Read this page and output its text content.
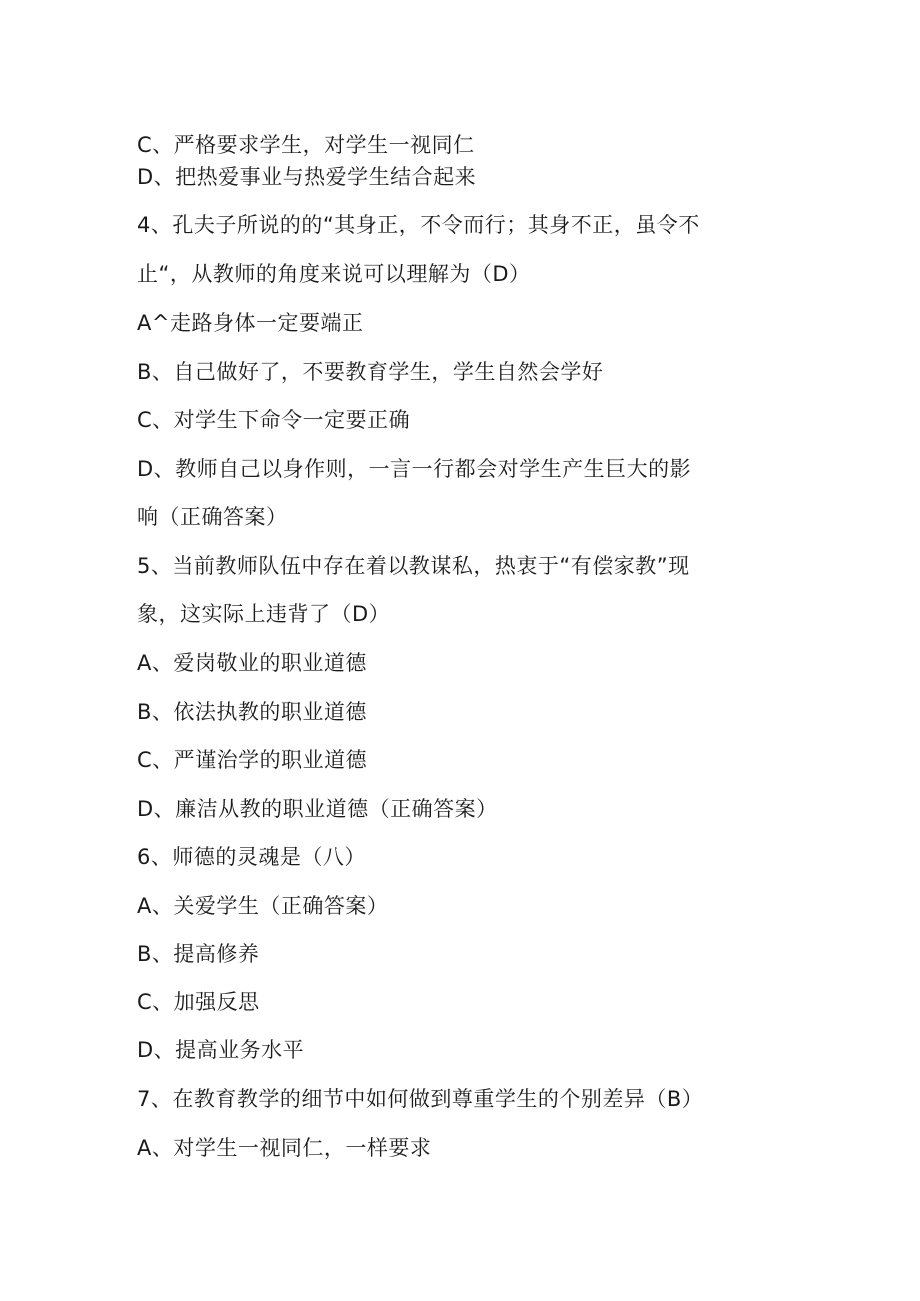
C、严格要求学生，对学生一视同仁
D、把热爱事业与热爱学生结合起来
4、孔夫子所说的的“其身正，不令而行；其身不正，虽令不
止“，从教师的角度来说可以理解为（D）
A^走路身体一定要端正
B、自己做好了，不要教育学生，学生自然会学好
C、对学生下命令一定要正确
D、教师自己以身作则，一言一行都会对学生产生巨大的影
响（正确答案）
5、当前教师队伍中存在着以教谋私，热衷于“有偿家教”现
象，这实际上违背了（D）
A、爱岗敬业的职业道德
B、依法执教的职业道德
C、严谨治学的职业道德
D、廉洁从教的职业道德（正确答案）
6、师德的灵魂是（八）
A、关爱学生（正确答案）
B、提高修养
C、加强反思
D、提高业务水平
7、在教育教学的细节中如何做到尊重学生的个别差异（B）
A、对学生一视同仁，一样要求
